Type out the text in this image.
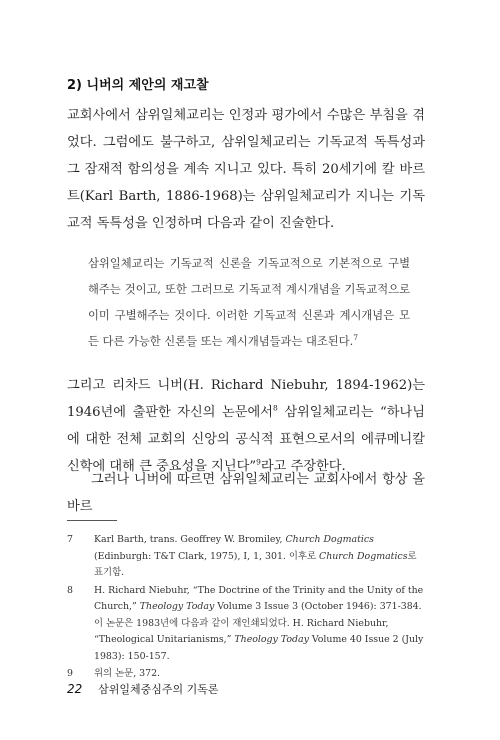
2) 니버의 제안의 재고찰

교회사에서 삼위일체교리는 인정과 평가에서 수많은 부침을 겪었다. 그럼에도 불구하고, 삼위일체교리는 기독교적 독특성과 그 잠재적 함의성을 계속 지니고 있다. 특히 20세기에 칼 바르트(Karl Barth, 1886-1968)는 삼위일체교리가 지니는 기독교적 독특성을 인정하며 다음과 같이 진술한다.

삼위일체교리는 기독교적 신론을 기독교적으로 기본적으로 구별해주는 것이고, 또한 그러므로 기독교적 계시개념을 기독교적으로 이미 구별해주는 것이다. 이러한 기독교적 신론과 계시개념은 모든 다른 가능한 신론들 또는 계시개념들과는 대조된다.$^7$

그리고 리차드 니버(H. Richard Niebuhr, 1894-1962)는 1946년에 출판한 자신의 논문에서$^8$ 삼위일체교리는 “하나님에 대한 전체 교회의 신앙의 공식적 표현으로서의 에큐메니칼신학에 대해 큰 중요성을 지닌다”$^9$라고 주장한다.

그러나 니버에 따르면 삼위일체교리는 교회사에서 항상 올바르

7 Karl Barth, trans. Geoffrey W. Bromiley, Church Dogmatics (Edinburgh: T&T Clark, 1975), I, 1, 301. 이후로 Church Dogmatics로 표기함.

8 H. Richard Niebuhr, “The Doctrine of the Trinity and the Unity of the Church,” Theology Today Volume 3 Issue 3 (October 1946): 371-384. 이 논문은 1983년에 다음과 같이 재인쇄되었다. H. Richard Niebuhr, “Theological Unitarianisms,” Theology Today Volume 40 Issue 2 (July 1983): 150-157.

9 위의 논문, 372.

22 삼위일체중심주의 기독론
